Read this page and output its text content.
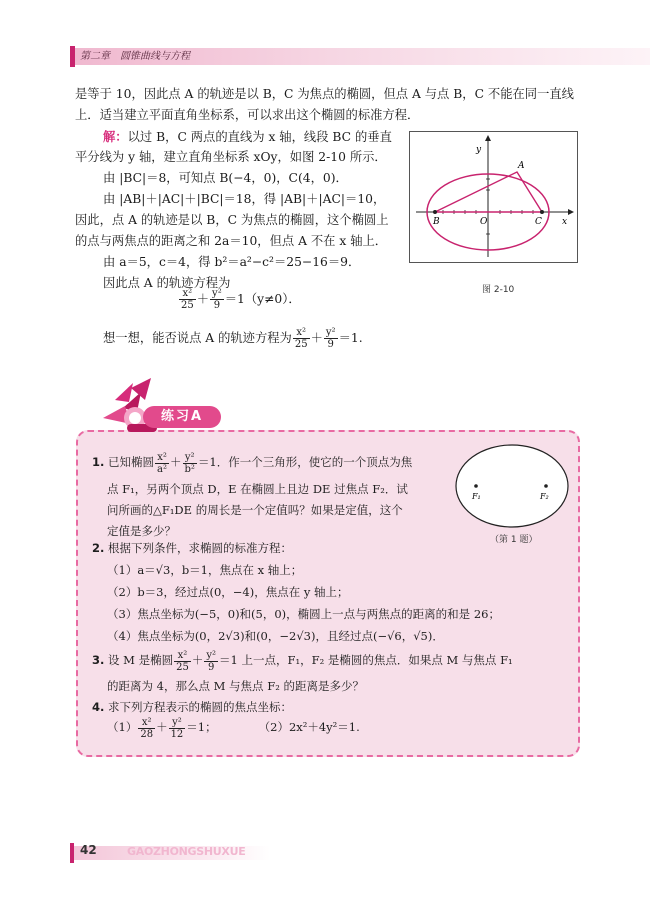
第二章　圆锥曲线与方程
是等于 10，因此点 A 的轨迹是以 B，C 为焦点的椭圆，但点 A 与点 B，C 不能在同一直线
上．适当建立平面直角坐标系，可以求出这个椭圆的标准方程．
解：以过 B，C 两点的直线为 x 轴，线段 BC 的垂直
平分线为 y 轴，建立直角坐标系 xOy，如图 2-10 所示．
由 |BC|＝8，可知点 B(−4，0)，C(4，0)．
由 |AB|＋|AC|＋|BC|＝18，得 |AB|＋|AC|＝10，
因此，点 A 的轨迹是以 B，C 为焦点的椭圆，这个椭圆上
的点与两焦点的距离之和 2a＝10，但点 A 不在 x 轴上．
由 a＝5，c＝4，得 b²＝a²−c²＝25−16＝9．
因此点 A 的轨迹方程为
$\frac{\text{x²}}{25} + \frac{\text{y²}}{9} =1(y\ne 0)$．
想一想，能否说点 A 的轨迹方程为 $\frac{\text{x²}}{25} + \frac{\text{y²}}{9} =1$.
y
x
A
B	O	C
图 2-10
练习A
1. 已知椭圆 $\frac{\text{x²}}{\text{a²}} + \frac{\text{y²}}{\text{b²}} =1$．作一个三角形，使它的一个顶点为焦
点 F₁，另两个顶点 D，E 在椭圆上且边 DE 过焦点 F₂．试
问所画的△F₁DE 的周长是一个定值吗？如果是定值，这个
定值是多少？
F₁	F₂
（第 1 题）
2. 根据下列条件，求椭圆的标准方程：
（1）a＝√3，b＝1，焦点在 x 轴上；
（2）b＝3，经过点(0，−4)，焦点在 y 轴上；
（3）焦点坐标为(−5，0)和(5，0)，椭圆上一点与两焦点的距离的和是 26；
（4）焦点坐标为(0，2√3)和(0，−2√3)，且经过点(−√6，√5)．
3. 设 M 是椭圆 $\frac{\text{x²}}{25} + \frac{\text{y²}}{9} =1$ 上一点，F₁，F₂ 是椭圆的焦点．如果点 M 与焦点 F₁
的距离为 4，那么点 M 与焦点 F₂ 的距离是多少？
4. 求下列方程表示的椭圆的焦点坐标：
$(1) \frac{\text{x²}}{28} + \frac{\text{y²}}{12} =1$；	（2）2x²＋4y²＝1.
42	GAOZHONGSHUXUE
